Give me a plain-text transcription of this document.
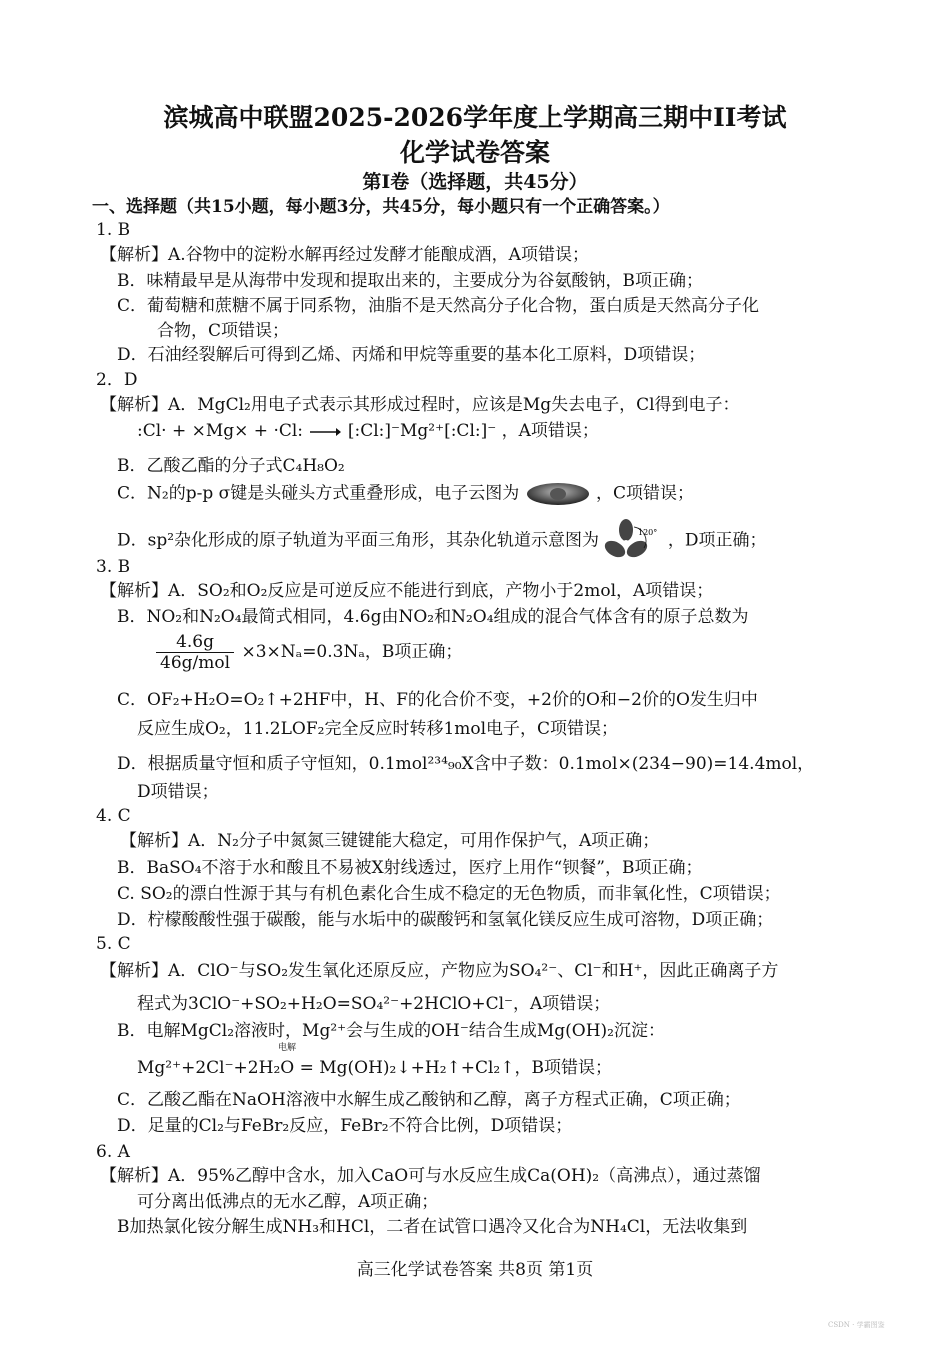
滨城高中联盟2025-2026学年度上学期高三期中II考试
化学试卷答案
第I卷（选择题，共45分）
一、选择题（共15小题，每小题3分，共45分，每小题只有一个正确答案。）
1. B
【解析】A.谷物中的淀粉水解再经过发酵才能酿成酒，A项错误；
B．味精最早是从海带中发现和提取出来的，主要成分为谷氨酸钠，B项正确；
C．葡萄糖和蔗糖不属于同系物，油脂不是天然高分子化合物，蛋白质是天然高分子化
合物，C项错误；
D．石油经裂解后可得到乙烯、丙烯和甲烷等重要的基本化工原料，D项错误；
2．D
【解析】A．MgCl₂用电子式表示其形成过程时，应该是Mg失去电子，Cl得到电子：
:Cl· + ×Mg× + ·Cl:	[:Cl:]⁻Mg²⁺[:Cl:]⁻ ，A项错误；
B．乙酸乙酯的分子式C₄H₈O₂
C．N₂的p-p σ键是头碰头方式重叠形成，电子云图为	，C项错误；
D．sp²杂化形成的原子轨道为平面三角形，其杂化轨道示意图为	120° ，D项正确；
3. B
【解析】A．SO₂和O₂反应是可逆反应不能进行到底，产物小于2mol，A项错误；
B．NO₂和N₂O₄最简式相同，4.6g由NO₂和N₂O₄组成的混合气体含有的原子总数为
$\frac{4.6g}{\text{46g/mol}} \times 3\times N_a=0.3N_a$，B项正确；
C．OF₂+H₂O=O₂↑+2HF中，H、F的化合价不变，+2价的O和−2价的O发生归中
反应生成O₂，11.2LOF₂完全反应时转移1mol电子，C项错误；
D．根据质量守恒和质子守恒知，0.1mol²³⁴₉₀X含中子数：0.1mol×(234−90)=14.4mol，
D项错误；
4. C
【解析】A．N₂分子中氮氮三键键能大稳定，可用作保护气，A项正确；
B．BaSO₄不溶于水和酸且不易被X射线透过，医疗上用作“钡餐”，B项正确；
C. SO₂的漂白性源于其与有机色素化合生成不稳定的无色物质，而非氧化性，C项错误；
D．柠檬酸酸性强于碳酸，能与水垢中的碳酸钙和氢氧化镁反应生成可溶物，D项正确；
5. C
【解析】A．ClO⁻与SO₂发生氧化还原反应，产物应为SO₄²⁻、Cl⁻和H⁺，因此正确离子方
程式为3ClO⁻+SO₂+H₂O=SO₄²⁻+2HClO+Cl⁻，A项错误；
B．电解MgCl₂溶液时，Mg²⁺会与生成的OH⁻结合生成Mg(OH)₂沉淀：
电解
Mg²⁺+2Cl⁻+2H₂O = Mg(OH)₂↓+H₂↑+Cl₂↑，B项错误；
C．乙酸乙酯在NaOH溶液中水解生成乙酸钠和乙醇，离子方程式正确，C项正确；
D．足量的Cl₂与FeBr₂反应，FeBr₂不符合比例，D项错误；
6. A
【解析】A．95%乙醇中含水，加入CaO可与水反应生成Ca(OH)₂（高沸点），通过蒸馏
可分离出低沸点的无水乙醇，A项正确；
B加热氯化铵分解生成NH₃和HCl，二者在试管口遇冷又化合为NH₄Cl，无法收集到
高三化学试卷答案 共8页 第1页
CSDN · 学霸图鉴
